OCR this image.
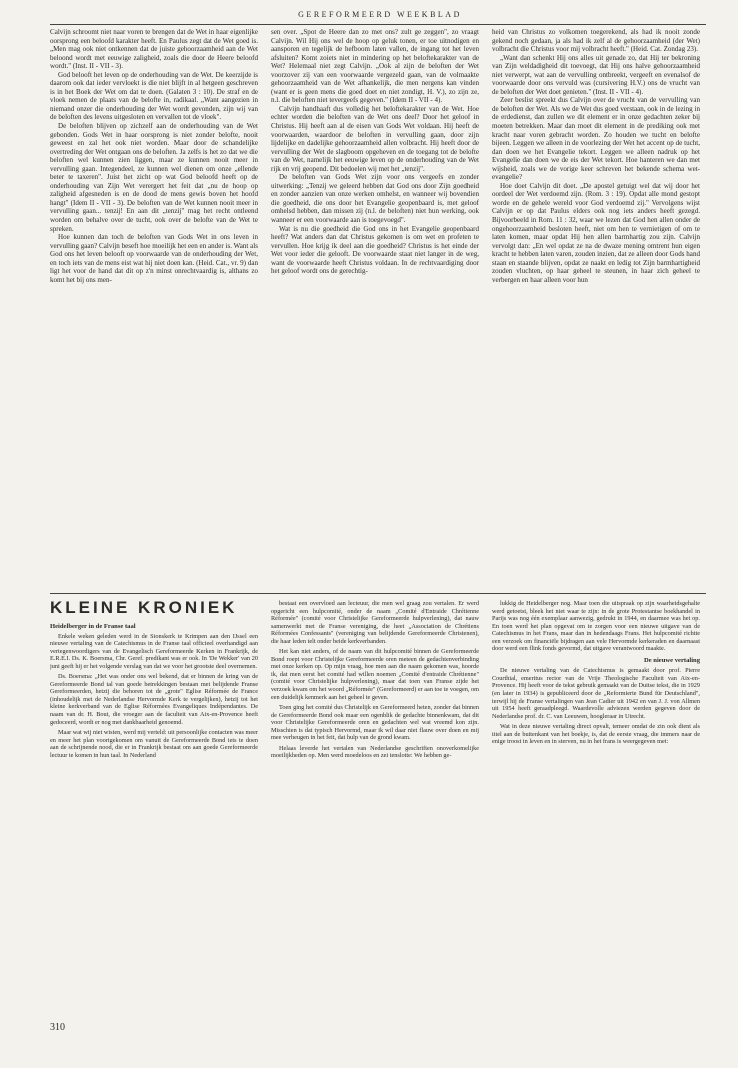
GEREFORMEERD WEEKBLAD

Calvijn schroomt niet naar voren te brengen dat de Wet in haar eigenlijke oorsprong een beloofd karakter heeft. En Paulus zegt dat de Wet goed is. „Men mag ook niet ontkennen dat de juiste gehoorzaamheid aan de Wet beloond wordt met eeuwige zaligheid, zoals die door de Heere beloofd wordt." (Inst. II - VII - 3).

God belooft het leven op de onderhouding van de Wet. De keerzijde is daarom ook dat ieder vervloekt is die niet blijft in al hetgeen geschreven is in het Boek der Wet om dat te doen. (Galaten 3 : 10). De straf en de vloek nemen de plaats van de belofte in, radikaal. „Want aangezien in niemand onzer die onderhouding der Wet wordt gevonden, zijn wij van de beloften des levens uitgesloten en vervallen tot de vloek".

De beloften blijven op zichzelf aan de onderhouding van de Wet gebonden. Gods Wet in haar oorsprong is niet zonder belofte, nooit geweest en zal het ook niet worden. Maar door de schandelijke overtreding der Wet ontgaan ons de beloften. Ja zelfs is het zo dat we die beloften wel kunnen zien liggen, maar ze kunnen nooit meer in vervulling gaan. Integendeel, ze kunnen wel dienen om onze „ellende beter te taxeren". Juist het zicht op wat God beloofd heeft op de onderhouding van Zijn Wet verergert het feit dat „nu de hoop op zaligheid afgesneden is en de dood de mens gewis boven het hoofd hangt" (Idem II - VII - 3). De beloften van de Wet kunnen nooit meer in vervulling gaan... tenzij! En aan dit „tenzij" mag het recht ontleend worden om behalve over de tucht, ook over de belofte van de Wet te spreken.

Hoe kunnen dan toch de beloften van Gods Wet in ons leven in vervulling gaan? Calvijn beseft hoe moeilijk het een en ander is. Want als God ons het leven belooft op voorwaarde van de onderhouding der Wet, en toch iets van de mens eist wat hij niet doen kan. (Heid. Cat., vr. 9) dan ligt het voor de hand dat dit op z'n minst onrechtvaardig is, althans zo komt het bij ons men-

sen over. „Spot de Heere dan zo met ons? zult ge zeggen", zo vraagt Calvijn. Wil Hij ons wel de hoop op geluk tonen, er toe uitnodigen en aansporen en tegelijk de hefboom laten vallen, de ingang tot het leven afsluiten? Komt zoiets niet in mindering op het beloftekarakter van de Wet? Helemaal niet zegt Calvijn. „Ook al zijn de beloften der Wet voorzover zij van een voorwaarde vergezeld gaan, van de volmaakte gehoorzaamheid van de Wet afhankelijk, die men nergens kan vinden (want er is geen mens die goed doet en niet zondigt, H. V.), zo zijn ze, n.l. die beloften niet tevergeefs gegeven." (Idem II - VII - 4).

Calvijn handhaaft dus volledig het beloftekarakter van de Wet. Hoe echter worden die beloften van de Wet ons deel? Door het geloof in Christus. Hij heeft aan al de eisen van Gods Wet voldaan. Hij heeft de voorwaarden, waardoor de beloften in vervulling gaan, door zijn lijdelijke en dadelijke gehoorzaamheid allen volbracht. Hij heeft door de vervulling der Wet de slagboom opgeheven en de toegang tot de belofte van de Wet, namelijk het eeuwige leven op de onderhouding van de Wet rijk en vrij geopend. Dit bedoelen wij met het „tenzij".

De beloften van Gods Wet zijn voor ons vergeefs en zonder uitwerking: „Tenzij we geleerd hebben dat God ons door Zijn goedheid en zonder aanzien van onze werken omhelst, en wanneer wij bovendien die goedheid, die ons door het Evangelie geopenbaard is, met geloof omhelsd hebben, dan missen zij (n.l. de beloften) niet hun werking, ook wanneer er een voorwaarde aan is toegevoegd".

Wat is nu die goedheid die God ons in het Evangelie geopenbaard heeft? Wat anders dan dat Christus gekomen is om wet en profeten te vervullen. Hoe krijg ik deel aan die goedheid? Christus is het einde der Wet voor ieder die gelooft. De voorwaarde staat niet langer in de weg, want de voorwaarde heeft Christus voldaan. In de rechtvaardiging door het geloof wordt ons de gerechtig-

heid van Christus zo volkomen toegerekend, als had ik nooit zonde gekend noch gedaan, ja als had ik zelf al de gehoorzaamheid (der Wet) volbracht die Christus voor mij volbracht heeft." (Heid. Cat. Zondag 23).

„Want dan schenkt Hij ons alles uit genade zo, dat Hij ter bekroning van Zijn weldadigheid dit toevoegt, dat Hij ons halve gehoorzaamheid niet verwerpt, wat aan de vervulling ontbreekt, vergeeft en evenalsof de voorwaarde door ons vervuld was (cursivering H.V.) ons de vrucht van de beloften der Wet doet genieten." (Inst. II - VII - 4).

Zeer beslist spreekt dus Calvijn over de vrucht van de vervulling van de beloften der Wet. Als we de Wet dus goed verstaan, ook in de lezing in de erdedienst, dan zullen we dit element er in onze gedachten zeker bij moeten betrekken. Maar dan moet dit element in de prediking ook met kracht naar voren gebracht worden. Zo houden we tucht en belofte bijeen. Leggen we alleen in de voorlezing der Wet het accent op de tucht, dan doen we het Evangelie tekort. Leggen we alleen nadruk op het Evangelie dan doen we de eis der Wet tekort. Hoe hanteren we dan met wijsheid, zoals we de vorige keer schreven het bekende schema wet-evangelie?

Hoe doet Calvijn dit doet. „De apostel getuigt wel dat wij door het oordeel der Wet verdoemd zijn. (Rom. 3 : 19). Opdat alle mond gestopt worde en de gehele wereld voor God verdoemd zij." Vervolgens wijst Calvijn er op dat Paulus elders ook nog iets anders heeft gezegd. Bijvoorbeeld in Rom. 11 : 32, waar we lezen dat God hen allen onder de ongehoorzaamheid besloten heeft, niet om hen te vernietigen of om te laten komen, maar opdat Hij hen allen barmhartig zou zijn. Calvijn vervolgt dan: „En wel opdat ze na de dwaze mening omtrent hun eigen kracht te hebben laten varen, zouden inzien, dat ze alleen door Gods hand staan en staande blijven, opdat ze naakt en ledig tot Zijn barmhartigheid zouden vluchten, op haar geheel te steunen, in haar zich geheel te verbergen en haar alleen voor hun

KLEINE KRONIEK

Heidelberger in de Franse taal

Enkele weken geleden werd in de Sionskerk te Krimpen aan den IJssel een nieuwe vertaling van de Catechismus in de Franse taal officieel overhandigd aan vertegenwoordigers van de Evangelisch Gereformeerde Kerken in Frankrijk, de E.R.E.I. Ds. K. Boersma, Chr. Geref. predikant was er ook. In 'De Wekker' van 20 juni geeft hij er het volgende verslag van dat we voor het grootste deel overnemen.

Ds. Boersma: „Het was onder ons wel bekend, dat er binnen de kring van de Gereformeerde Bond tal van goede betrekkingen bestaan met belijdende Franse Gereformeerden, hetzij die behoren tot de „grote" Eglise Réformée de France (inhoudelijk met de Nederlandse Hervormde Kerk te vergelijken), hetzij tot het kleine kerkverband van de Eglise Réformées Evangeliques Indépendantes. De naam van dr. H. Bout, die vroeger aan de faculteit van Aix-en-Provence heeft gedoceerd, wordt er nog met dankbaarheid genoemd.

Maar wat wij niet wisten, werd mij verteld: uit persoonlijke contacten was meer en meer het plan voortgekomen om vanuit de Gereformeerde Bond iets te doen aan de schrijnende nood, die er in Frankrijk bestaat om aan goede Gereformeerde lectuur te komen in hun taal. In Nederland

bestaat een overvloed aan lecteuur, die men wel graag zou vertalen. Er werd opgericht een hulpcomité, onder de naam „Comité d'Entraide Chrétienne Réformée" (comité voor Christelijke Gereformeerde hulpverlening), dat nauw samenwerkt met de Franse vereniging, die heet „Association de Chrétiens Réformées Confessants" (vereniging van belijdende Gereformeerde Christenen), die haar leden telt onder beide kerkverbanden.

Het kan niet anders, of de naam van dit hulpcomité binnen de Gereformeerde Bond roept voor Christelijke Gereformeerde oren meteen de gedachtenverbinding met onze kerken op. Op mijn vraag, hoe men aan die naam gekomen was, hoorde ik, dat men eerst het comité had willen noemen „Comité d'entraide Chrétienne" (comité voor Christelijke hulpverlening), maar dat toen van Franse zijde het verzoek kwam om het woord „Réformée" (Gereformeerd) er aan toe te voegen, om een duidelijk kenmerk aan het geheel te geven.

Toen ging het comité dus Christelijk en Gereformeerd heten, zonder dat binnen de Gereformeerde Bond ook maar een ogenblik de gedachte binnenkwam, dat dit voor Christelijke Gereformeerde oren en gedachten wel wat vreemd kon zijn. Misschien is dat typisch Hervormd, maar ik wil daar niet flauw over doen en mij mee verheugen in het feit, dat hulp van de grond kwam.

Helaas leverde het vertalen van Nederlandse geschriften onoverkomelijke moeilijkheden op. Men werd moedeloos en zei tenslotte: We hebben ge-

lukkig de Heidelberger nog. Maar toen die uitspraak op zijn waarheidsgehalte werd getoetst, bleek het niet waar te zijn: in de grote Protestantse boekhandel in Parijs was nog één exemplaar aanwezig, gedrukt in 1944, en daarmee was het op. En toen werd het plan opgevat om te zorgen voor een nieuwe uitgave van de Catechismus in het Frans, maar dan in hedendaags Frans. Het hulpcomité richtte een verzoek om financiële bijdragen aan vele Hervormde kerkeraden en daarnaast door werd een flink fonds gevormd, dat uitgave verantwoord maakte.

De nieuwe vertaling

De nieuwe vertaling van de Catechismus is gemaakt door prof. Pierre Courthial, emeritus rector van de Vrije Theologische Faculteit van Aix-en-Provence. Hij heeft voor de tekst gebruik gemaakt van de Duitse tekst, die in 1929 (en later in 1934) is gepubliceerd door de „Reformierte Bund für Deutschland", terwijl hij de Franse vertalingen van Jean Cadier uit 1942 en van J. J. von Allmen uit 1954 heeft geraadpleegd. Waardevolle adviezen werden gegeven door de Nederlandse prof. dr. C. van Leeuwen, hoogleraar in Utrecht.

Wat in deze nieuwe vertaling direct opvalt, temeer omdat de zin ook dient als titel aan de buitenkant van het boekje, is, dat de eerste vraag, die immers naar de enige troost in leven en in sterven, nu in het frans is weergegeven met:

310
